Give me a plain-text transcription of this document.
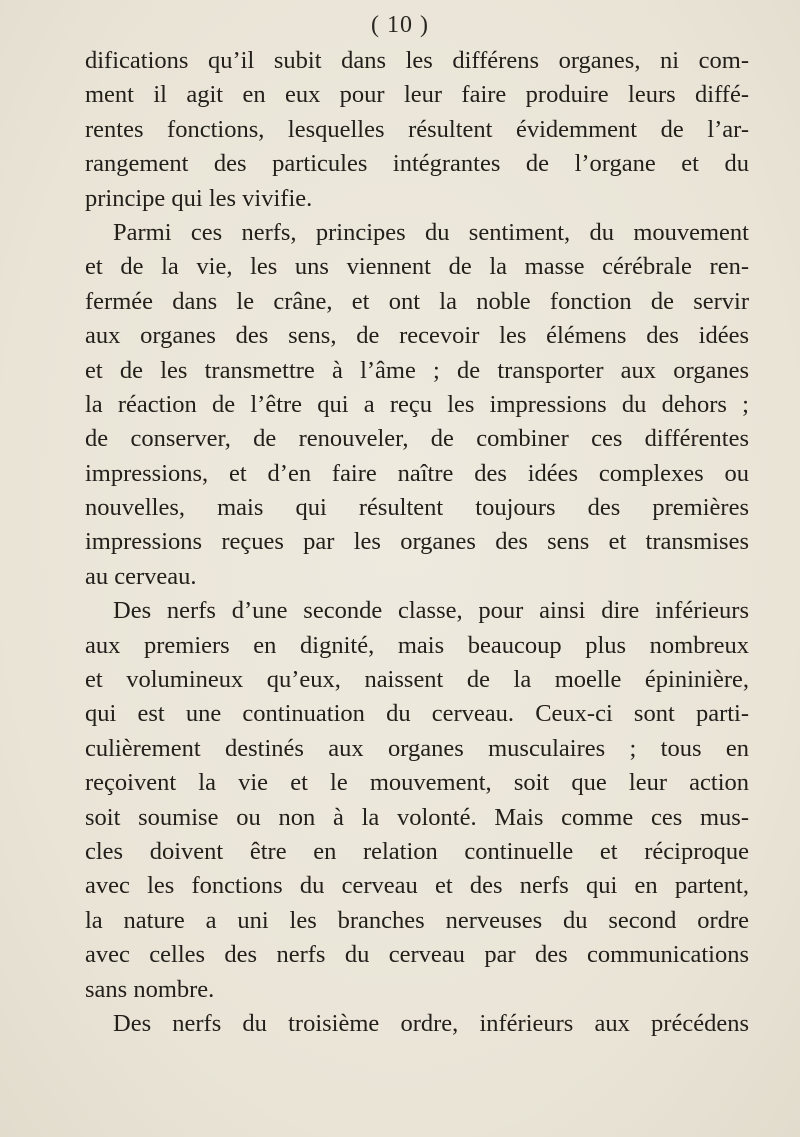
( 10 )
difications qu’il subit dans les différens organes, ni com-
ment il agit en eux pour leur faire produire leurs diffé-
rentes fonctions, lesquelles résultent évidemment de l’ar-
rangement des particules intégrantes de l’organe et du
principe qui les vivifie.
Parmi ces nerfs, principes du sentiment, du mouvement
et de la vie, les uns viennent de la masse cérébrale ren-
fermée dans le crâne, et ont la noble fonction de servir
aux organes des sens, de recevoir les élémens des idées
et de les transmettre à l’âme ; de transporter aux organes
la réaction de l’être qui a reçu les impressions du dehors ;
de conserver, de renouveler, de combiner ces différentes
impressions, et d’en faire naître des idées complexes ou
nouvelles, mais qui résultent toujours des premières
impressions reçues par les organes des sens et transmises
au cerveau.
Des nerfs d’une seconde classe, pour ainsi dire inférieurs
aux premiers en dignité, mais beaucoup plus nombreux
et volumineux qu’eux, naissent de la moelle épininière,
qui est une continuation du cerveau. Ceux-ci sont parti-
culièrement destinés aux organes musculaires ; tous en
reçoivent la vie et le mouvement, soit que leur action
soit soumise ou non à la volonté. Mais comme ces mus-
cles doivent être en relation continuelle et réciproque
avec les fonctions du cerveau et des nerfs qui en partent,
la nature a uni les branches nerveuses du second ordre
avec celles des nerfs du cerveau par des communications
sans nombre.
Des nerfs du troisième ordre, inférieurs aux précédens
